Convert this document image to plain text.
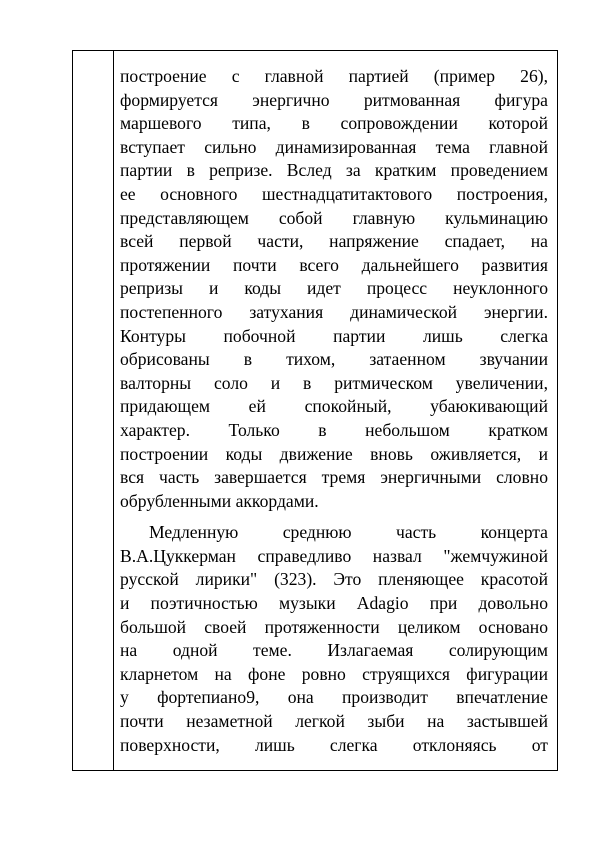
построение с главной партией (пример 26),
формируется энергично ритмованная фигура
маршевого типа, в сопровождении которой
вступает сильно динамизированная тема главной
партии в репризе. Вслед за кратким проведением
ее основного шестнадцатитактового построения,
представляющем собой главную кульминацию
всей первой части, напряжение спадает, на
протяжении почти всего дальнейшего развития
репризы и коды идет процесс неуклонного
постепенного затухания динамической энергии.
Контуры побочной партии лишь слегка
обрисованы в тихом, затаенном звучании
валторны соло и в ритмическом увеличении,
придающем ей спокойный, убаюкивающий
характер. Только в небольшом кратком
построении коды движение вновь оживляется, и
вся часть завершается тремя энергичными словно
обрубленными аккордами.

Медленную среднюю часть концерта
В.А.Цуккерман справедливо назвал "жемчужиной
русской лирики" (323). Это пленяющее красотой
и поэтичностью музыки Adagio при довольно
большой своей протяженности целиком основано
на одной теме. Излагаемая солирующим
кларнетом на фоне ровно струящихся фигурации
у фортепиано9, она производит впечатление
почти незаметной легкой зыби на застывшей
поверхности, лишь слегка отклоняясь от
